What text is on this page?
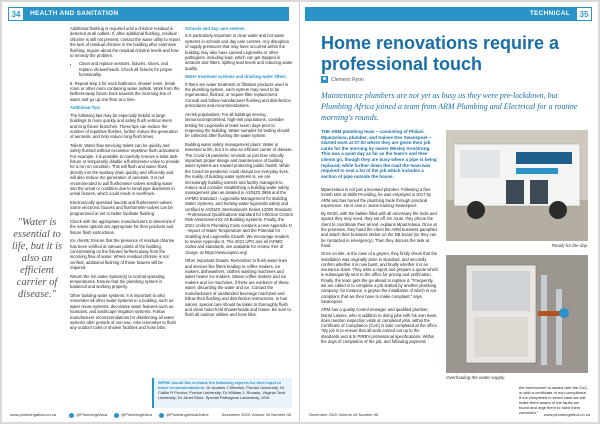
34	HEALTH AND SANITATION

Additional flushing is required until a chlorine residual is detected at all outlets. If, after additional flushing, residual chlorine is still not present, contact the water utility to report the lack of residual chlorine in the building after extensive flushing. Inquire about the residual chlorine levels and how to remedy the problem.

• Clean and replace aerators, fixtures, shoes, and replace showerheads. Check all fixtures for proper functionality.

5. Repeat step 2 for each bathroom, shower room, break room or other room containing water outlets. Work from the farthest-away fixture back towards the incoming line of water and go up one floor at a time.

Additional Tips

The following tips may be especially helpful to large buildings to more quickly and safely flush vertical risers and long fixture branches. These tips can reduce the number of repetitive flushes, further reduce the generation of aerosols, and help reduce long flush times.

Toilets: Water flow servicing toilets can be quickly and safely flushed without excessive repetitive flush activations. For example, it is possible to carefully remove a toilet tank fixture or temporarily disable a flushometer valve to provide for a run-on condition. This will flush and water flows directly into the sanitary drain quickly and efficiently and will also reduce the generation of aerosols. It is not recommended to pull flushometer valves sending water into the urinal or condition due to small pipe diameters in urinal fixtures, which could result in overflows.

Electronically operated faucets and flushometer-valves: Some electronic faucets and flushometer-valves can be programmed or set to better facilitate flushing.

Check with the appropriate manufacturers to determine if the newer options are appropriate for their products and fixture flush instructions.

Ice chests: Ensure that the presence of residual chlorine has been verified at various points of the building, concentrating on the fixtures furthest away from the incoming flow of water. Where residual chlorine is not verified, additional flushing of those fixtures will be required.

Return the hot water system(s) to normal operating temperatures. Ensure that the plumbing system is balanced and working properly.

Other building water systems: It is important to also remember all other water systems in a building, such as water reuse systems, decorative water features such as fountains, and landscape irrigation systems. Follow manufacturer recommendations for disinfecting all water systems after periods of non-use. Also remember to flush any outdoor toilet or shower facilities and hose bibs.

Schools and day care centres:

It is particularly important to clear water and hot water systems in schools and day care centres. Any disruption of supply pressures that may have occurred within the building may also have caused Legionella or other pathogens, including lead, which can get trapped in aerators and filters, spilling lead levels and reducing water quality.

Water treatment systems and drinking water filters:

If there are water treatment or filtration products used in the plumbing system, each system may need to be regenerated, flushed, or require filter replacement. Consult and follow manufacturer flushing and disinfection procedures and recommendations.

At-risk populations: For all buildings serving immunocompromised, high-risk populations, consider testing for Legionella at least seven days prior to reopening the building. Water samples for testing should be collected after flushing the water system.

Building water safety management plans: Water is essential to life, but it is also an efficient carrier of disease. The Covid-19 pandemic reminds us just how critically important proper design and maintenance of building water systems are toward protecting public health. While the Covid-19 pandemic could disrupt our everyday lives, the reality of building water systems is, we are increasingly building owners and facility managers to reduce and consider establishing a building water safety management plan as detailed in AS/NZS 3666 and the IAPMO Standard - Legionella Management for Building Water Systems, and heating water legionella safety and certified to AS/NZS International's Series 12000 Standard - Professional Qualifications Standard for Infection Control Risk Assessment for All Building Systems. Finally, the 2021 Uniform Plumbing Code contains a new Appendix N - Impact of Water Temperature and the Potential for Scalding and Legionella Growth. We encourage readers to review Appendix N. The 2021 UPC and all IAPMO codes and standards, are available for review, free of charge, at https://www.iapmo.org/

Other Important Details: Remember to flush water lines and devices like filters leading to coffee makers, ice makers, dishwashers, clothes washing machines and water heater ice makers. Steam coffee makers and ice makers and ice machines, if there are evidence of these water, discarding the water and ice. Contact the manufacturers of unattended beverage machines and follow their flushing and disinfection instructions. In hair salons, special care should be taken to thoroughly flush and clean hand-held showerheads and hoses. Be sure to flush all outdoor utilities and hose bibs.

"Water is essential to life, but it is also an efficient carrier of disease."
WPMC would like to thank the following experts for their input to these recommendations: Dr Andrew J Whelton, Purdue University; Dr Caitlin R Proctor, Purdue University; Dr William J. Rhoads, Virginia Tech University; Dr Janet Stout, Special Pathogens Laboratory, USA
www.plumbingafrica.co.za	@PlumbingAfrica	@PlumbingAfrica	@PlumbingAfricaOnline	November 2020 Volume 26 Number 06
TECHNICAL	35
Home renovations require a professional touch
Clemens Ryon
Maintenance plumbers are not yet as busy as they were pre-lockdown, but Plumbing Africa joined a team from ARM Plumbing and Electrical for a routine morning's rounds.
THE ARM plumbing team – consisting of Philani Mpanzelana, plumber, and trainee Dee Swanepoel – started work at 07:00 where they are given their job cards for the morning by owner Wesley Armstrong. This was a quiet day as far as the team's and their clients go, though they are busy where a pipe is being replaced, while further down the road the team was required to seal a lot of the job which includes a section of pipe outside the house.

Mpanzelana is not just a licensed plumber. Following a five-month stint at Skills Providing, he was employed in 2017 by ARM and has honed the plumbing trade through practical experience. He is now in Jeans training Swanepoel.

By 09:00, with the bakkie filled with all necessary the tools and spares they may need, they set off. En route, they phone the client to coordinate their arrival, explains Mpanzelana. Once at the premises, they hand the client the ARM business pamphlet and attach their business sticker on the DB board (so they can be contacted in emergency). Then they discuss the task at hand.

Once on site, in the case of a geyser, they firstly check that the installation was originally done in standard, and secondly confirm whether it is now burst, and finally whether it is an insurance claim. They write a report and prepare a quote which is subsequently sent to the office for pricing and verification. Finally, the team gets the go-ahead to replace it. "Frequently, we are called in to complete a job started by another plumbing company; for instance, a geyser the installation of which is not compliant, that we then have to make compliant," says Swanepoel.

ARM has a quality control manager and qualified plumber, Darryl Lasses, who in addition to doing jobs with his own team, does random inspection visits at completed jobs, within the Certificate of Compliance (CoC) is later completed at the office. "My job is to ensure that all work carried out up to the standards and is to PIRB's professional specifications. Within the days of completion of the job, and following payment,

Ready for the day.
Overhauling the water supply.

the homeowner is issued with the CoC, or with a certificate of non-compliance if not completed in which case we will make them aware of the faults we found and urge them to have them corrected."

November 2020 Volume 26 Number 06	www.plumbingafrica.co.za
